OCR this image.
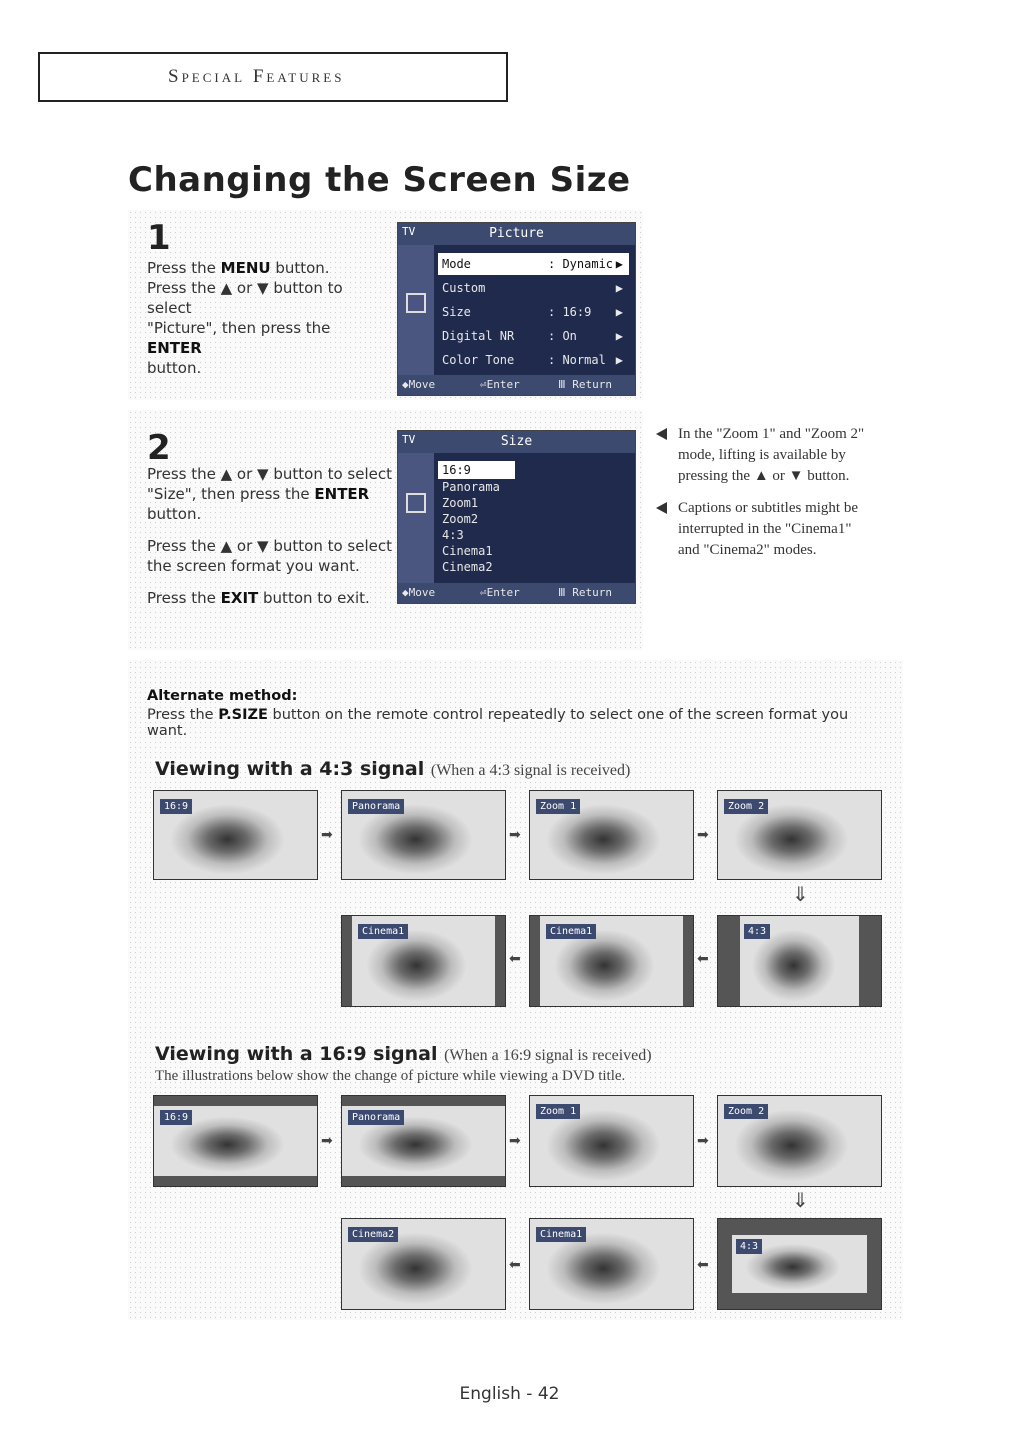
Special Features
Changing the Screen Size
1
Press the MENU button.
Press the ▲ or ▼ button to select
"Picture", then press the ENTER
button.
TV	Picture
Mode	: Dynamic ▶
Custom	▶
Size	: 16:9 ▶
Digital NR	: On	▶
Color Tone	: Normal ▶
◆Move	⏎Enter	Ⅲ Return
2
Press the ▲ or ▼ button to select
"Size", then press the ENTER button.
Press the ▲ or ▼ button to select
the screen format you want.
Press the EXIT button to exit.
TV	Size
16:9
Panorama
Zoom1
Zoom2
4:3
Cinema1
Cinema2
◆Move	⏎Enter	Ⅲ Return
In the "Zoom 1" and "Zoom 2"
mode, lifting is available by
pressing the ▲ or ▼ button.
Captions or subtitles might be
interrupted in the "Cinema1"
and "Cinema2" modes.
Alternate method:
Press the P.SIZE button on the remote control repeatedly to select one of the screen format you want.
Viewing with a 4:3 signal (When a 4:3 signal is received)
16:9
➡
Panorama
➡
Zoom 1
➡
Zoom 2
⇓
Cinema1
⬅
Cinema1
⬅
4:3
Viewing with a 16:9 signal (When a 16:9 signal is received)
The illustrations below show the change of picture while viewing a DVD title.
16:9
➡
Panorama
➡
Zoom 1
➡
Zoom 2
⇓
Cinema2
⬅
Cinema1
⬅
4:3
English - 42
